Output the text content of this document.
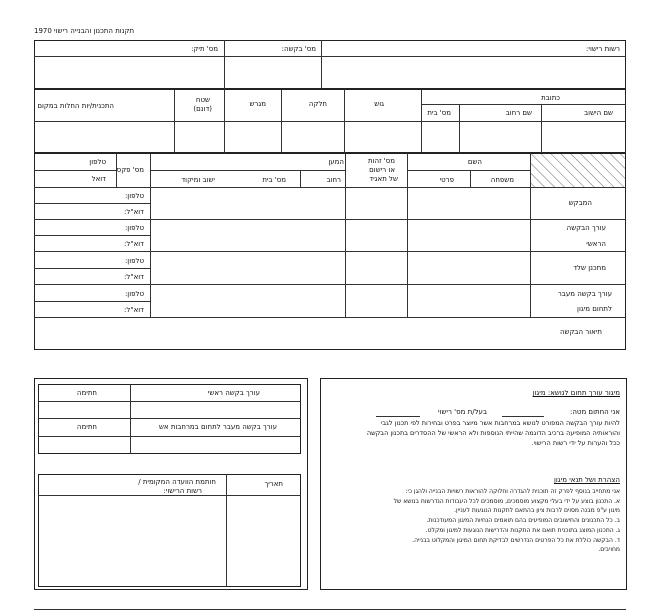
תקנות התכנון והבנייה רישוי 1970
רשות רישוי:
מס' בקשה:
מס' תיק:
כתובת
שם הישוב
שם רחוב
מס' בית
גוש
חלקה
מגרש
שטח
(דונם)
התכנית/יות החלות במקום
השם
משפחה
פרטי
מס' זהות
או רישום
של תאגיד
המען
רחוב
מס' בית
ישוב ומיקוד
מס' פקס
טלפון
דואל
המבקש
טלפון:
דוא"ל:
עורך הבקשה
הראשי
טלפון:
דוא"ל:
מתכנן שלד
טלפון:
דוא"ל:
עורך בקשה מעבר
לתחום מיגון
טלפון:
דוא"ל:
תיאור הבקשה
עורך בקשה ראשי
חתימה
עורך בקשה מעבר לתחום במרחבות אש
חתימה
תאריך
חותמת הוועדה המקומית /
רשות הרישוי:
מיגור עורך תחום לנושא: מיגון
אני החתום מטה:
בעל/ת מס' רישוי
להיות עורך הבקשה המפורט לנושא במרחבות אשר מיוצר בפרט ובחירות לפי תכנון לגבי
והוראותיה המופיעה ברכיב הדוגמה שהייתי הנוספות ולא הראשי של ההסדרים בתכנון הבקשה
ככל והערות על ידי רשות הרישוי.
הצהרת ושל תנאי מיגון
אני מתחייב בנוסף לפרק זה תוכנית להגדרה וחלוקה להוראות רשויות הבנייה ולהגן כי:
א. התכנון בוצע על ידי בעלי מקצוע מוסמכים, מוסמכים לכל העבודות הנדרשות בנושא של
מיגון ע"פ מבנה מסוים לרבות ציון בהתאם לתקנות הנוגעות לעניין.
ב. כל התכנונים והחישובים המופיעים בהם תואמים הנחיות המיגון המעודכנות.
ג. התכנון המוצג בתוכנית תואם את התקנות והדרישות הנוגעות למיגון ומקלט.
ד. הבקשה כוללת את כל הפרטים הנדרשים לבדיקת תחום המיגון והמקלוט בבנייה.
מחויבים.
